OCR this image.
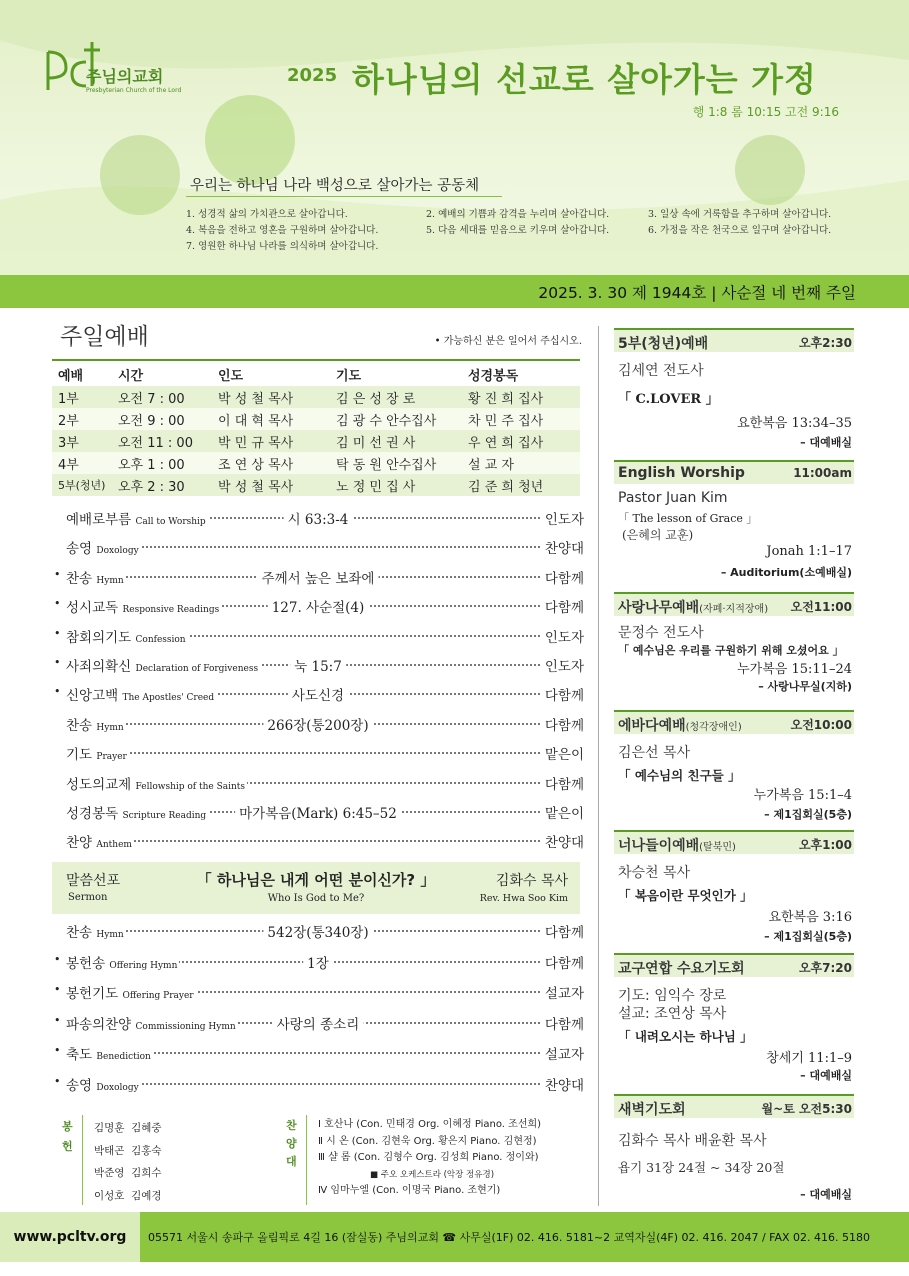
주님의교회
Presbyterian Church of the Lord
2025 하나님의 선교로 살아가는 가정
행 1:8 롬 10:15 고전 9:16
우리는 하나님 나라 백성으로 살아가는 공동체
1. 성경적 삶의 가치관으로 살아갑니다.
4. 복음을 전하고 영혼을 구원하며 살아갑니다.
7. 영원한 하나님 나라를 의식하며 살아갑니다.
2. 예배의 기쁨과 감격을 누리며 살아갑니다.
5. 다음 세대를 믿음으로 키우며 살아갑니다.
3. 일상 속에 거룩함을 추구하며 살아갑니다.
6. 가정을 작은 천국으로 일구며 살아갑니다.
2025. 3. 30 제 1944호 | 사순절 네 번째 주일
주일예배	• 가능하신 분은 일어서 주십시오.
예배	시간	인도	기도	성경봉독
1부	오전 7 : 00	박 성 철 목사	김 은 성 장 로	황 진 희 집사
2부	오전 9 : 00	이 대 혁 목사	김 광 수 안수집사	차 민 주 집사
3부	오전 11 : 00	박 민 규 목사	김 미 선 권 사	우 연 희 집사
4부	오후 1 : 00	조 연 상 목사	탁 동 원 안수집사	설 교 자
5부(청년)	오후 2 : 30	박 성 철 목사	노 정 민 집 사	김 준 희 청년
예배로부름 Call to Worship	시 63:3-4	인도자
송영 Doxology	찬양대
• 찬송 Hymn	주께서 높은 보좌에	다함께
• 성시교독 Responsive Readings	127. 사순절(4)	다함께
• 참회의기도 Confession	인도자
• 사죄의확신 Declaration of Forgiveness	눅 15:7	인도자
• 신앙고백 The Apostles' Creed	사도신경	다함께
찬송 Hymn	266장(통200장)	다함께
기도 Prayer	맡은이
성도의교제 Fellowship of the Saints	다함께
성경봉독 Scripture Reading 마가복음(Mark) 6:45–52	맡은이
찬양 Anthem	찬양대
말씀선포
Sermon
「 하나님은 내게 어떤 분이신가? 」
Who Is God to Me?
김화수 목사
Rev. Hwa Soo Kim
찬송 Hymn	542장(통340장)	다함께
• 봉헌송 Offering Hymn	1장	다함께
• 봉헌기도 Offering Prayer	설교자
• 파송의찬양 Commissioning Hymn	사랑의 종소리	다함께
• 축도 Benediction	설교자
• 송영 Doxology	찬양대
봉
헌
김명훈 김혜중
박태곤 김홍숙
박준영 김희수
이성호 김예경
찬
양
대
Ⅰ 호산나 (Con. 민태경 Org. 이혜정 Piano. 조선희)
Ⅱ 시 온 (Con. 김현욱 Org. 황은지 Piano. 김현정)
Ⅲ 샬 롬 (Con. 김형수 Org. 김성희 Piano. 정이와)
■ 주오 오케스트라 (악장 정유경)
Ⅳ 임마누엘 (Con. 이명국 Piano. 조현기)
5부(청년)예배	오후2:30
김세연 전도사
「 C.LOVER 」
요한복음 13:34–35
– 대예배실
English Worship	11:00am
Pastor Juan Kim
「 The lesson of Grace 」
(은혜의 교훈)
Jonah 1:1–17
– Auditorium(소예배실)
사랑나무예배(자폐·지적장애) 오전11:00
문정수 전도사
「 예수님은 우리를 구원하기 위해 오셨어요 」
누가복음 15:11–24
– 사랑나무실(지하)
에바다예배(청각장애인)	오전10:00
김은선 목사
「 예수님의 친구들 」
누가복음 15:1–4
– 제1집회실(5층)
너나들이예배(탈북민)	오후1:00
차승천 목사
「 복음이란 무엇인가 」
요한복음 3:16
– 제1집회실(5층)
교구연합 수요기도회	오후7:20
기도: 임익수 장로
설교: 조연상 목사
「 내려오시는 하나님 」
창세기 11:1–9
– 대예배실
새벽기도회	월~토 오전5:30
김화수 목사 배윤환 목사
욥기 31장 24절 ~ 34장 20절
– 대예배실
www.pcltv.org	05571 서울시 송파구 올림픽로 4길 16 (잠실동) 주님의교회 ☎ 사무실(1F) 02. 416. 5181~2 교역자실(4F) 02. 416. 2047 / FAX 02. 416. 5180
